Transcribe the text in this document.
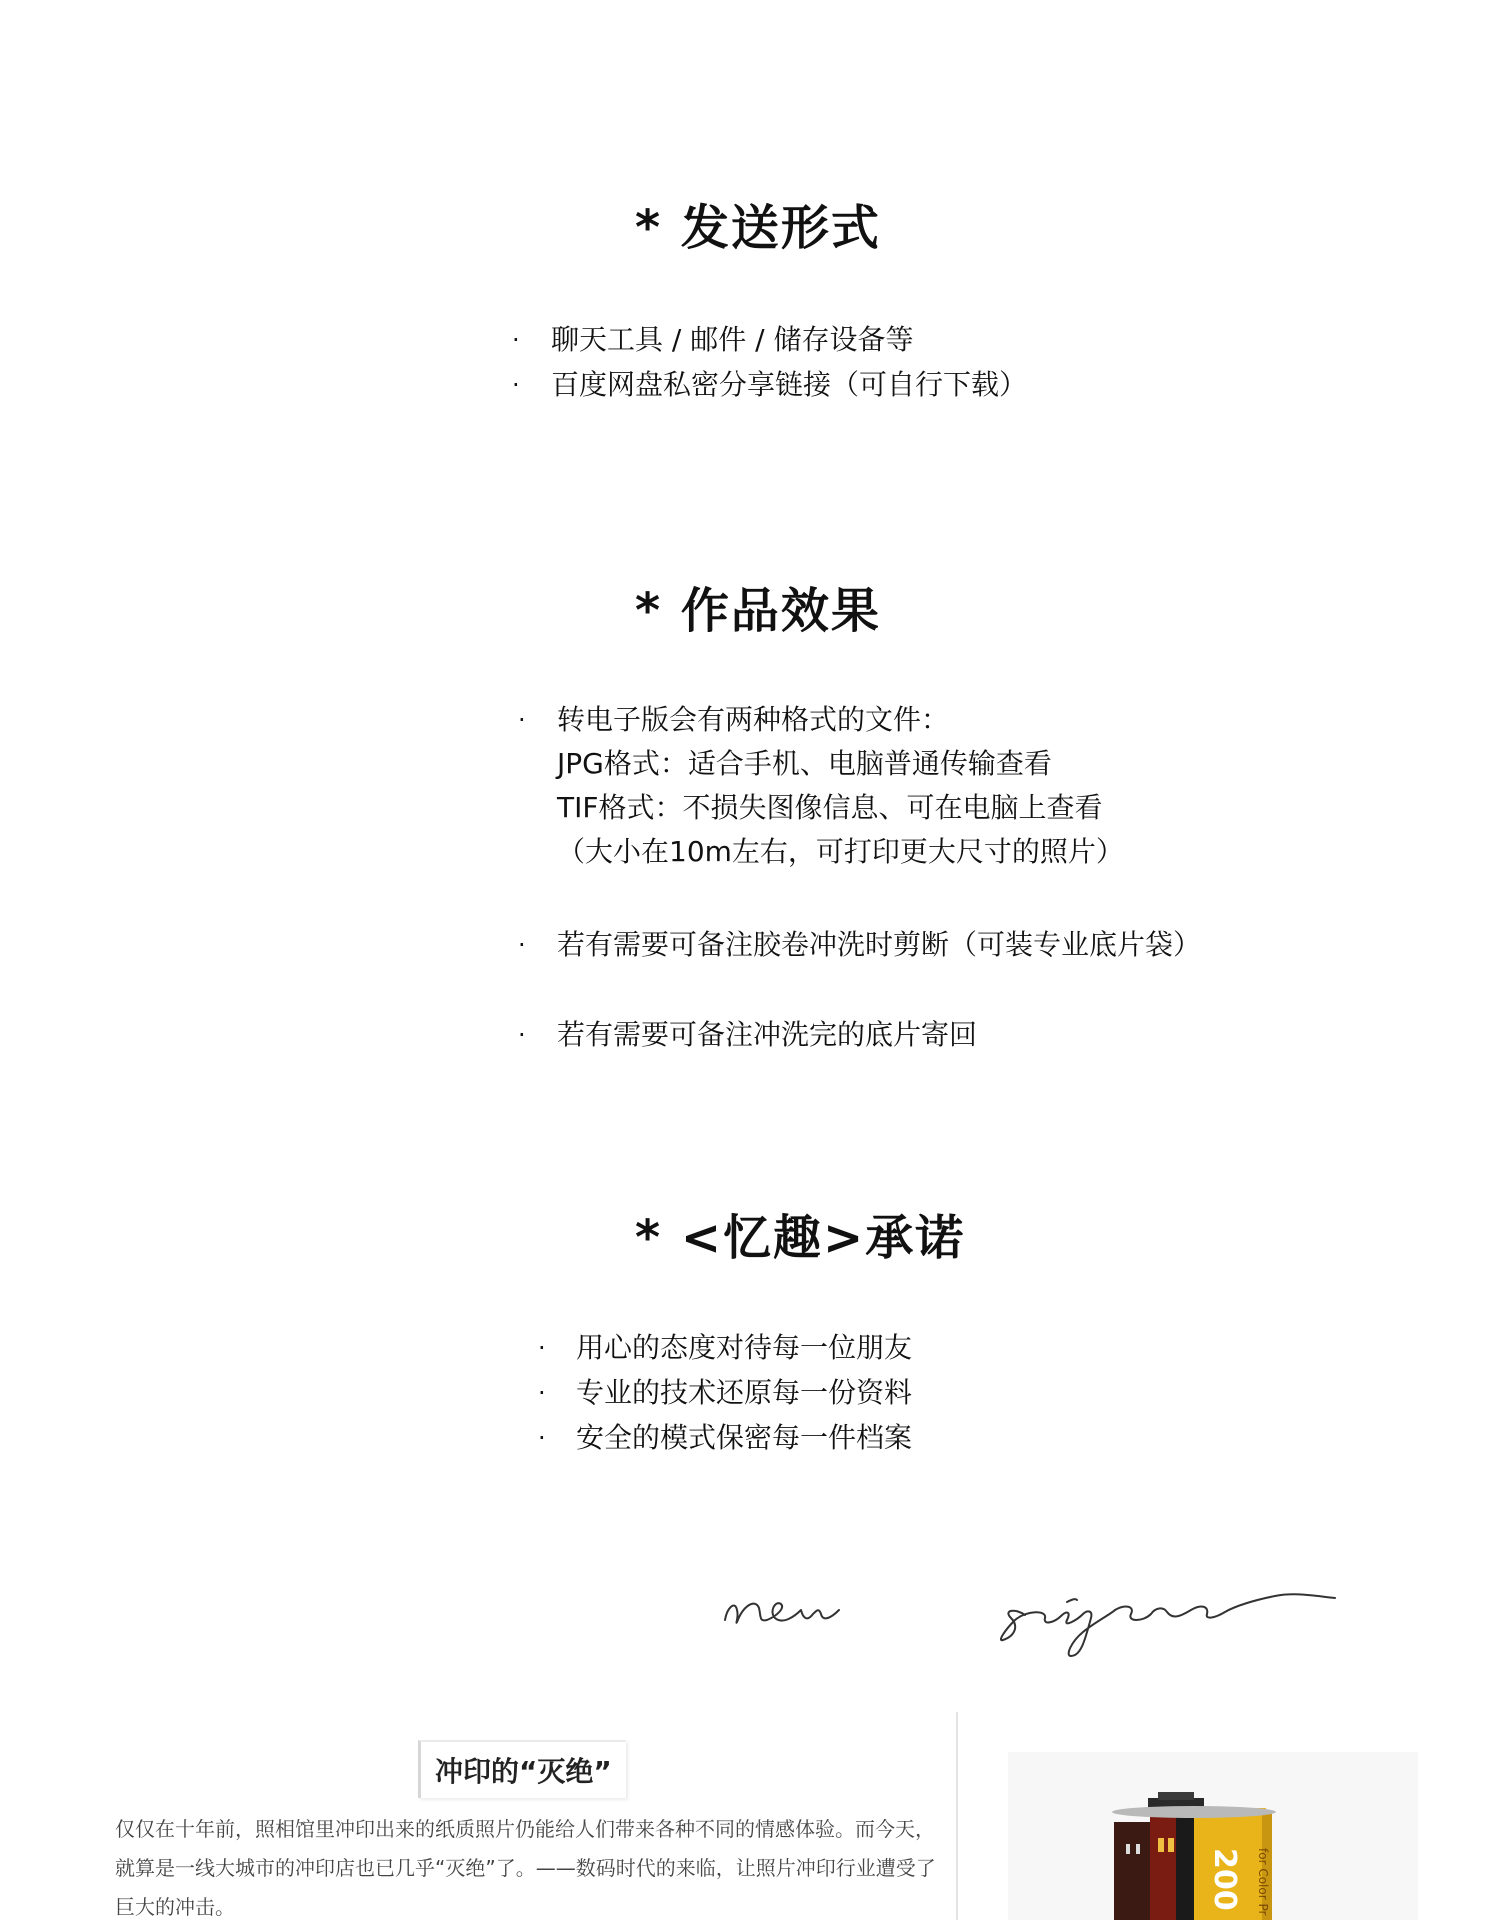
* 发送形式
· 聊天工具 / 邮件 / 储存设备等
· 百度网盘私密分享链接（可自行下载）
* 作品效果
· 转电子版会有两种格式的文件：
JPG格式：适合手机、电脑普通传输查看
TIF格式：不损失图像信息、可在电脑上查看
（大小在10m左右，可打印更大尺寸的照片）
· 若有需要可备注胶卷冲洗时剪断（可装专业底片袋）
· 若有需要可备注冲洗完的底片寄回
* <忆趣>承诺
· 用心的态度对待每一位朋友
· 专业的技术还原每一份资料
· 安全的模式保密每一件档案
冲印的“灭绝”
仅仅在十年前，照相馆里冲印出来的纸质照片仍能给人们带来各种不同的情感体验。而今天，就算是一线大城市的冲印店也已几乎“灭绝”了。——数码时代的来临，让照片冲印行业遭受了巨大的冲击。	200 for Color Pr
